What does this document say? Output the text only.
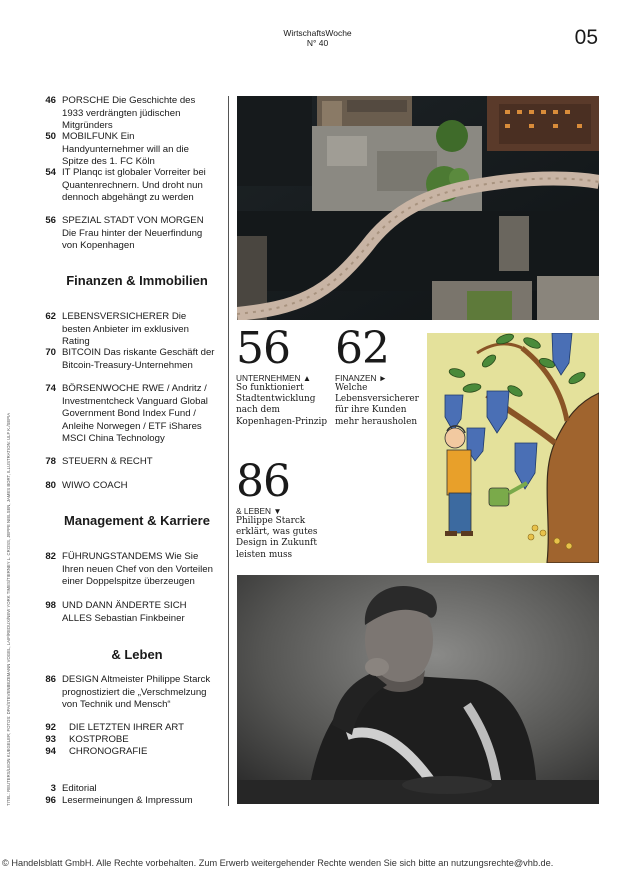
WirtschaftsWoche
N° 40	05
46 PORSCHE Die Geschichte des 1933 verdrängten jüdischen Mitgründers
50 MOBILFUNK Ein Handyunternehmer will an die Spitze des 1. FC Köln
54 IT Planqc ist globaler Vorreiter bei Quantenrechnern. Und droht nun dennoch abgehängt zu werden
56 SPEZIAL STADT VON MORGEN Die Frau hinter der Neuerfindung von Kopenhagen
Finanzen & Immobilien
62 LEBENSVERSICHERER Die besten Anbieter im exklusiven Rating
70 BITCOIN Das riskante Geschäft der Bitcoin-Treasury-Unternehmen
74 BÖRSENWOCHE RWE / Andritz / Investmentcheck Vanguard Global Government Bond Index Fund / Anleihe Norwegen / ETF iShares MSCI China Technology
78 STEUERN & RECHT
80 WIWO COACH
Management & Karriere
82 FÜHRUNGSTANDEMS Wie Sie Ihren neuen Chef von den Vorteilen einer Doppelspitze überzeugen
98 UND DANN ÄNDERTE SICH ALLES Sebastian Finkbeiner
& Leben
86 DESIGN Altmeister Philippe Starck prognostiziert die „Verschmelzung von Technik und Mensch“
92 DIE LETZTEN IHRER ART
93 KOSTPROBE
94 CHRONOGRAFIE
3 Editorial
96 Lesermeinungen & Impressum
56
UNTERNEHMEN ▲
So funktioniert Stadtentwicklung nach dem Kopenhagen-Prinzip
62
FINANZEN ►
Welche Lebensversicherer für ihre Kunden mehr herausholen
86
& LEBEN ▼
Philippe Starck erklärt, was gutes Design in Zukunft leisten muss
TITEL: REUTERS/LEON KUEGELER; FOTOS: DPA/STEVENBEZEMANN VOGEL, LAIF/REDUX/NEW YORK TIMES/TIERNEY L. CROSS, JEPPE NIELSEN, JAMES BORT, ILLUSTRATION: ULF K./SEPIA
© Handelsblatt GmbH. Alle Rechte vorbehalten. Zum Erwerb weitergehender Rechte wenden Sie sich bitte an nutzungsrechte@vhb.de.
